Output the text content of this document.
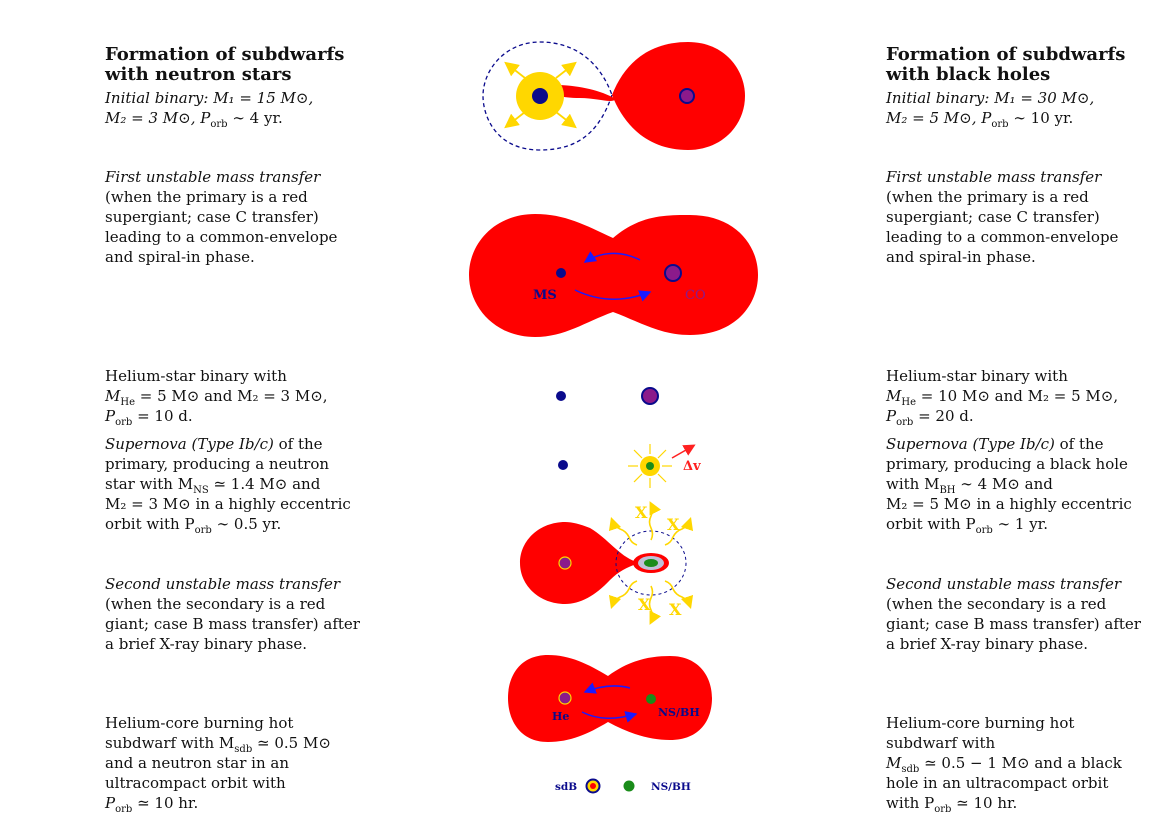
Formation of subdwarfs
with neutron stars
Initial binary: M₁ = 15 M⊙,
M₂ = 3 M⊙, $P_{orb}$ ∼ 4 yr.
First unstable mass transfer
(when the primary is a red
supergiant; case C transfer)
leading to a common-envelope
and spiral-in phase.
Helium-star binary with
$M_{He} = 5$ M⊙ and M₂ = 3 M⊙,
$P_{orb} = 10$ d.
Supernova (Type Ib/c) of the
primary, producing a neutron
star with $M_{NS}$ ≃ 1.4 M⊙ and
M₂ = 3 M⊙ in a highly eccentric
orbit with $P_{orb}$ ∼ 0.5 yr.
Second unstable mass transfer
(when the secondary is a red
giant; case B mass transfer) after
a brief X-ray binary phase.
Helium-core burning hot
subdwarf with $M_{sdb}$ ≃ 0.5 M⊙
and a neutron star in an
ultracompact orbit with
$P_{orb}$ ≃ 10 hr.
Formation of subdwarfs
with black holes
Initial binary: M₁ = 30 M⊙,
M₂ = 5 M⊙, $P_{orb}$ ∼ 10 yr.
First unstable mass transfer
(when the primary is a red
supergiant; case C transfer)
leading to a common-envelope
and spiral-in phase.
Helium-star binary with
$M_{He} = 10$ M⊙ and M₂ = 5 M⊙,
$P_{orb} = 20$ d.
Supernova (Type Ib/c) of the
primary, producing a black hole
with $M_{BH}$ ∼ 4 M⊙ and
M₂ = 5 M⊙ in a highly eccentric
orbit with $P_{orb}$ ∼ 1 yr.
Second unstable mass transfer
(when the secondary is a red
giant; case B mass transfer) after
a brief X-ray binary phase.
Helium-core burning hot
subdwarf with
$M_{sdb}$ ≃ 0.5 − 1 M⊙ and a black
hole in an ultracompact orbit
with $P_{orb}$ ≃ 10 hr.
MS	CO
Δv
X
X
X X
He	NS/BH
sdB	NS/BH
